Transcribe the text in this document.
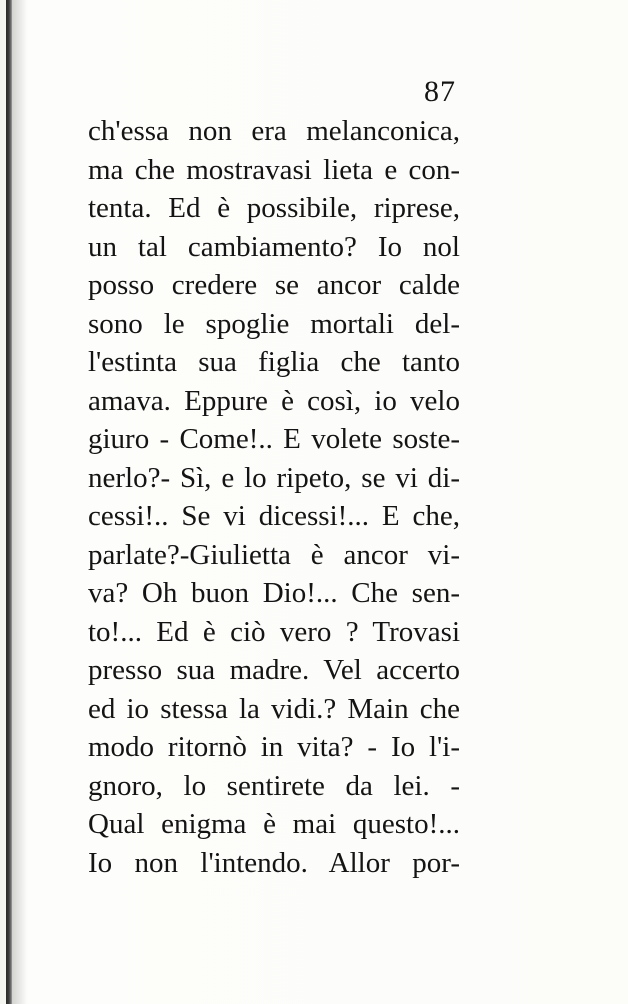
87
ch'essa non era melanconica,
ma che mostravasi lieta e con-
tenta. Ed è possibile, riprese,
un tal cambiamento? Io nol
posso credere se ancor calde
sono le spoglie mortali del-
l'estinta sua figlia che tanto
amava. Eppure è così, io velo
giuro - Come!.. E volete soste-
nerlo?- Sì, e lo ripeto, se vi di-
cessi!.. Se vi dicessi!... E che,
parlate?-Giulietta è ancor vi-
va? Oh buon Dio!... Che sen-
to!... Ed è ciò vero ? Trovasi
presso sua madre. Vel accerto
ed io stessa la vidi.? Main che
modo ritornò in vita? - Io l'i-
gnoro, lo sentirete da lei. -
Qual enigma è mai questo!...
Io non l'intendo. Allor por-
